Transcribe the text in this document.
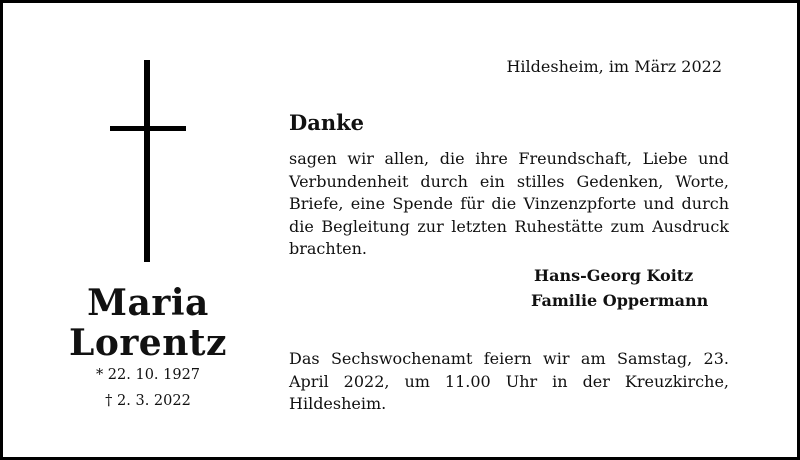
Maria
Lorentz
* 22. 10. 1927
† 2. 3. 2022
Hildesheim, im März 2022
Danke
sagen wir allen, die ihre Freundschaft, Liebe und Verbundenheit durch ein stilles Gedenken, Worte, Briefe, eine Spende für die Vinzenzpforte und durch die Begleitung zur letzten Ruhestätte zum Ausdruck brachten.
Hans-Georg Koitz
Familie Oppermann
Das Sechswochenamt feiern wir am Samstag, 23. April 2022, um 11.00 Uhr in der Kreuzkirche, Hildesheim.
